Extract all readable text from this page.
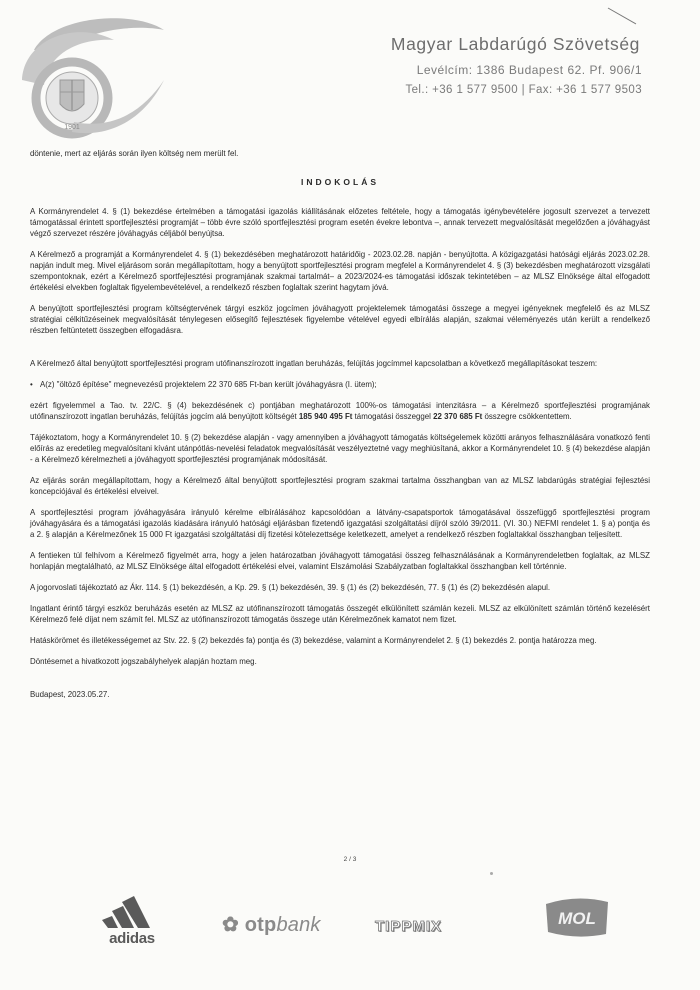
1901
Magyar Labdarúgó Szövetség
Levélcím: 1386 Budapest 62. Pf. 906/1
Tel.: +36 1 577 9500 | Fax: +36 1 577 9503

döntenie, mert az eljárás során ilyen költség nem merült fel.

INDOKOLÁS

A Kormányrendelet 4. § (1) bekezdése értelmében a támogatási igazolás kiállításának előzetes feltétele, hogy a támogatás igénybevételére jogosult szervezet a tervezett támogatással érintett sportfejlesztési programját – több évre szóló sportfejlesztési program esetén évekre lebontva –, annak tervezett megvalósítását megelőzően a jóváhagyást végző szervezet részére jóváhagyás céljából benyújtsa.

A Kérelmező a programját a Kormányrendelet 4. § (1) bekezdésében meghatározott határidőig - 2023.02.28. napján - benyújtotta. A közigazgatási hatósági eljárás 2023.02.28. napján indult meg. Mivel eljárásom során megállapítottam, hogy a benyújtott sportfejlesztési program megfelel a Kormányrendelet 4. § (3) bekezdésben meghatározott vizsgálati szempontoknak, ezért a Kérelmező sportfejlesztési programjának szakmai tartalmát– a 2023/2024-es támogatási időszak tekintetében – az MLSZ Elnöksége által elfogadott értékelési elvekben foglaltak figyelembevételével, a rendelkező részben foglaltak szerint hagytam jóvá.

A benyújtott sportfejlesztési program költségtervének tárgyi eszköz jogcímen jóváhagyott projektelemek támogatási összege a megyei igényeknek megfelelő és az MLSZ stratégiai célkitűzéseinek megvalósítását ténylegesen elősegítő fejlesztések figyelembe vételével egyedi elbírálás alapján, szakmai véleményezés után került a rendelkező részben feltüntetett összegben elfogadásra.

A Kérelmező által benyújtott sportfejlesztési program utófinanszírozott ingatlan beruházás, felújítás jogcímmel kapcsolatban a következő megállapításokat teszem:

• A(z) "öltöző építése" megnevezésű projektelem 22 370 685 Ft-ban került jóváhagyásra (I. ütem);

ezért figyelemmel a Tao. tv. 22/C. § (4) bekezdésének c) pontjában meghatározott 100%-os támogatási intenzitásra – a Kérelmező sportfejlesztési programjának utófinanszírozott ingatlan beruházás, felújítás jogcím alá benyújtott költségét 185 940 495 Ft támogatási összeggel 22 370 685 Ft összegre csökkentettem.

Tájékoztatom, hogy a Kormányrendelet 10. § (2) bekezdése alapján - vagy amennyiben a jóváhagyott támogatás költségelemek közötti arányos felhasználására vonatkozó fenti előírás az eredetileg megvalósítani kívánt utánpótlás-nevelési feladatok megvalósítását veszélyeztetné vagy meghiúsítaná, akkor a Kormányrendelet 10. § (4) bekezdése alapján - a Kérelmező kérelmezheti a jóváhagyott sportfejlesztési programjának módosítását.

Az eljárás során megállapítottam, hogy a Kérelmező által benyújtott sportfejlesztési program szakmai tartalma összhangban van az MLSZ labdarúgás stratégiai fejlesztési koncepciójával és értékelési elveivel.

A sportfejlesztési program jóváhagyására irányuló kérelme elbírálásához kapcsolódóan a látvány-csapatsportok támogatásával összefüggő sportfejlesztési program jóváhagyására és a támogatási igazolás kiadására irányuló hatósági eljárásban fizetendő igazgatási szolgáltatási díjról szóló 39/2011. (VI. 30.) NEFMI rendelet 1. § a) pontja és a 2. § alapján a Kérelmezőnek 15 000 Ft igazgatási szolgáltatási díj fizetési kötelezettsége keletkezett, amelyet a rendelkező részben foglaltakkal összhangban teljesített.

A fentieken túl felhívom a Kérelmező figyelmét arra, hogy a jelen határozatban jóváhagyott támogatási összeg felhasználásának a Kormányrendeletben foglaltak, az MLSZ honlapján megtalálható, az MLSZ Elnöksége által elfogadott értékelési elvei, valamint Elszámolási Szabályzatban foglaltakkal összhangban kell történnie.

A jogorvoslati tájékoztató az Ákr. 114. § (1) bekezdésén, a Kp. 29. § (1) bekezdésén, 39. § (1) és (2) bekezdésén, 77. § (1) és (2) bekezdésén alapul.

Ingatlant érintő tárgyi eszköz beruházás esetén az MLSZ az utófinanszírozott támogatás összegét elkülönített számlán kezeli. MLSZ az elkülönített számlán történő kezelésért Kérelmező felé díjat nem számít fel. MLSZ az utófinanszírozott támogatás összege után Kérelmezőnek kamatot nem fizet.

Hatáskörömet és illetékességemet az Stv. 22. § (2) bekezdés fa) pontja és (3) bekezdése, valamint a Kormányrendelet 2. § (1) bekezdés 2. pontja határozza meg.

Döntésemet a hivatkozott jogszabályhelyek alapján hoztam meg.

Budapest, 2023.05.27.

2 / 3
adidas
✿ otpbank	TIPPMIX	MOL
